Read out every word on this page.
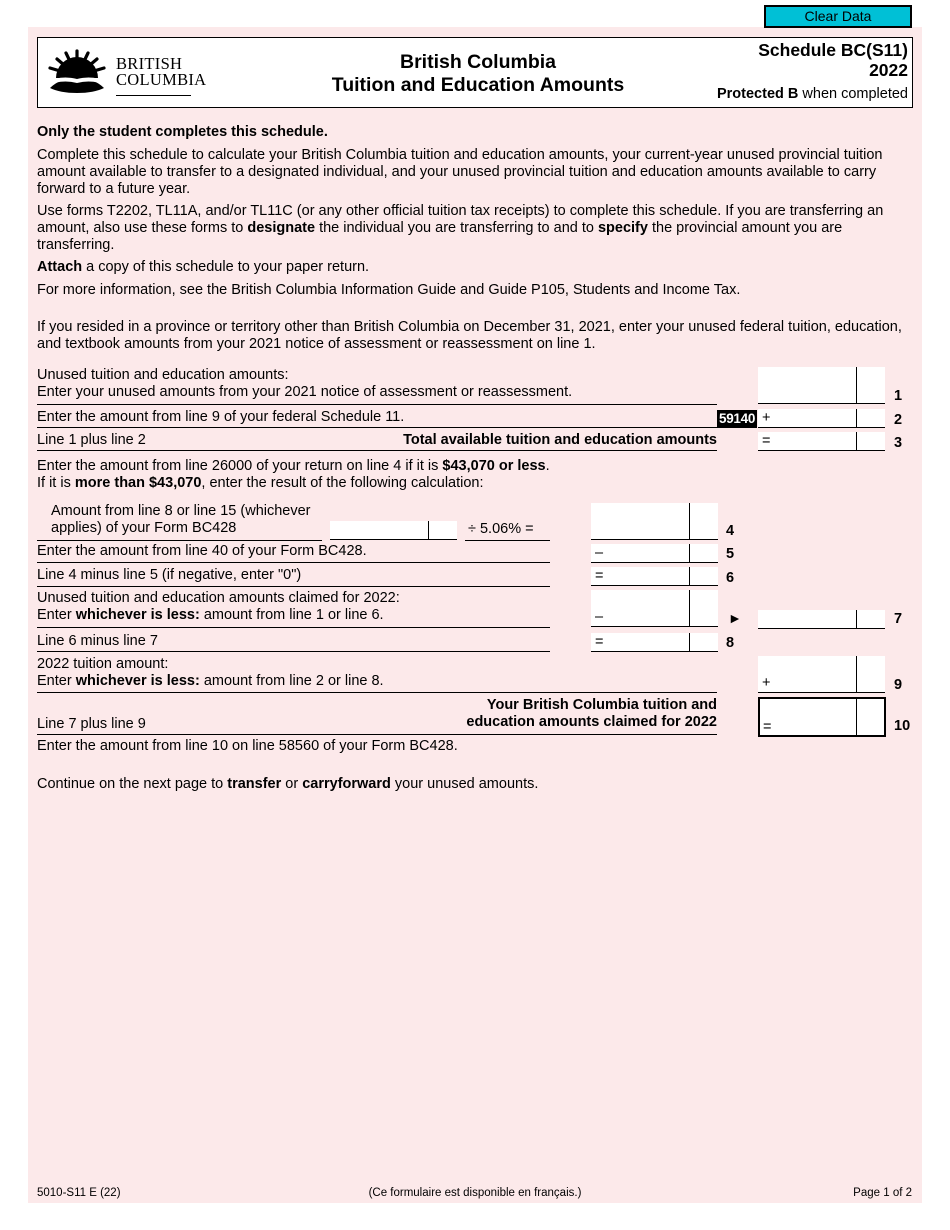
Clear Data
BRITISH
COLUMBIA
British Columbia
Tuition and Education Amounts
Schedule BC(S11)
2022
Protected B when completed

Only the student completes this schedule.

Complete this schedule to calculate your British Columbia tuition and education amounts, your current-year unused provincial tuition amount available to transfer to a designated individual, and your unused provincial tuition and education amounts available to carry forward to a future year.

Use forms T2202, TL11A, and/or TL11C (or any other official tuition tax receipts) to complete this schedule. If you are transferring an amount, also use these forms to designate the individual you are transferring to and to specify the provincial amount you are transferring.

Attach a copy of this schedule to your paper return.

For more information, see the British Columbia Information Guide and Guide P105, Students and Income Tax.

If you resided in a province or territory other than British Columbia on December 31, 2021, enter your unused federal tuition, education, and textbook amounts from your 2021 notice of assessment or reassessment on line 1.

Unused tuition and education amounts:
Enter your unused amounts from your 2021 notice of assessment or reassessment.	1
Enter the amount from line 9 of your federal Schedule 11.	59140 +	2
Line 1 plus line 2	Total available tuition and education amounts	=	3
Enter the amount from line 26000 of your return on line 4 if it is $43,070 or less.
If it is more than $43,070, enter the result of the following calculation:
Amount from line 8 or line 15 (whichever
applies) of your Form BC428	÷ 5.06% =	4
Enter the amount from line 40 of your Form BC428.	–	5
Line 4 minus line 5 (if negative, enter "0")	=	6
Unused tuition and education amounts claimed for 2022:
Enter whichever is less: amount from line 1 or line 6.	–	►	7
Line 6 minus line 7	=	8
2022 tuition amount:
Enter whichever is less: amount from line 2 or line 8.	+	9
Line 7 plus line 9
Your British Columbia tuition and
education amounts claimed for 2022	=	10
Enter the amount from line 10 on line 58560 of your Form BC428.
Continue on the next page to transfer or carryforward your unused amounts.
5010-S11 E (22)	(Ce formulaire est disponible en français.)	Page 1 of 2
